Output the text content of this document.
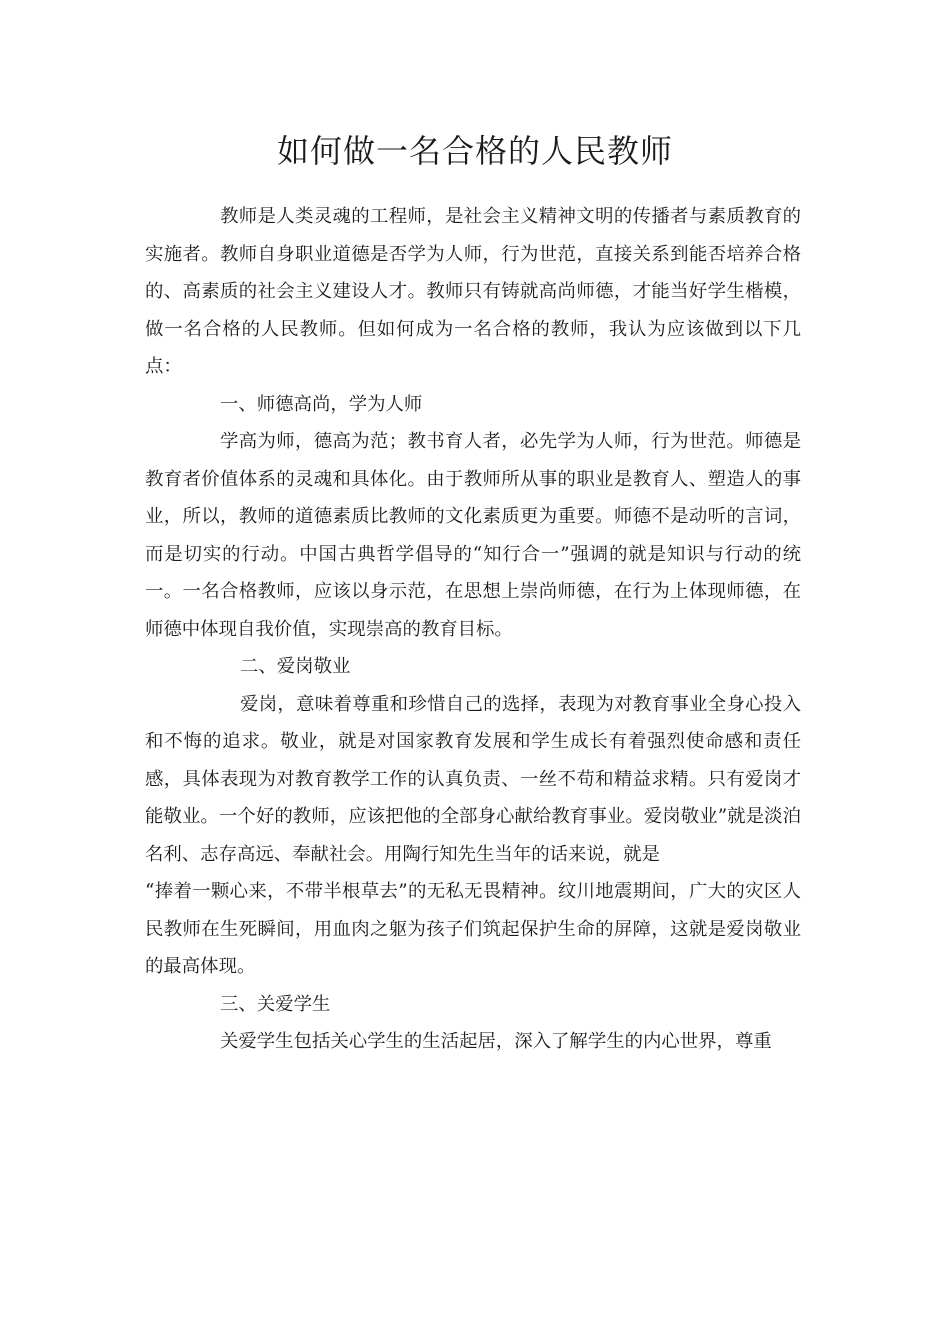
如何做一名合格的人民教师

教师是人类灵魂的工程师，是社会主义精神文明的传播者与素质教育的实施者。教师自身职业道德是否学为人师，行为世范，直接关系到能否培养合格的、高素质的社会主义建设人才。教师只有铸就高尚师德，才能当好学生楷模，做一名合格的人民教师。但如何成为一名合格的教师，我认为应该做到以下几点：

一、师德高尚，学为人师

学高为师，德高为范；教书育人者，必先学为人师，行为世范。师德是教育者价值体系的灵魂和具体化。由于教师所从事的职业是教育人、塑造人的事业，所以，教师的道德素质比教师的文化素质更为重要。师德不是动听的言词，而是切实的行动。中国古典哲学倡导的“知行合一”强调的就是知识与行动的统一。一名合格教师，应该以身示范，在思想上崇尚师德，在行为上体现师德，在师德中体现自我价值，实现崇高的教育目标。

二、爱岗敬业

爱岗，意味着尊重和珍惜自己的选择，表现为对教育事业全身心投入和不悔的追求。敬业，就是对国家教育发展和学生成长有着强烈使命感和责任感，具体表现为对教育教学工作的认真负责、一丝不苟和精益求精。只有爱岗才能敬业。一个好的教师，应该把他的全部身心献给教育事业。爱岗敬业”就是淡泊名利、志存高远、奉献社会。用陶行知先生当年的话来说，就是

“捧着一颗心来，不带半根草去”的无私无畏精神。纹川地震期间，广大的灾区人民教师在生死瞬间，用血肉之躯为孩子们筑起保护生命的屏障，这就是爱岗敬业的最高体现。

三、关爱学生

关爱学生包括关心学生的生活起居，深入了解学生的内心世界，尊重
